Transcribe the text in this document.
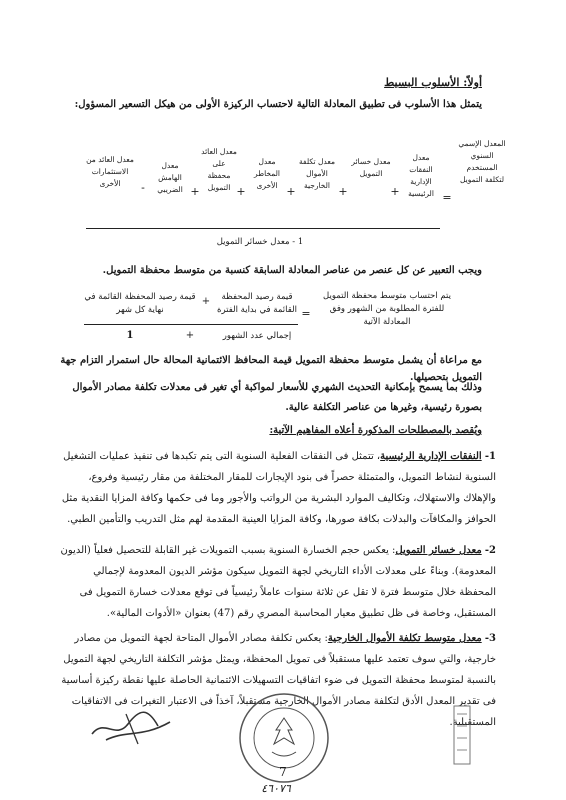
أولاً: الأسلوب البسيط
يتمثل هذا الأسلوب فى تطبيق المعادلة التالية لاحتساب الركيزة الأولى من هيكل التسعير المسؤول:
المعدل الإسمي السنوي المستخدم لتكلفة التمويل
=
معدل النفقات الإدارية الرئيسية
+
معدل خسائر التمويل
+
معدل تكلفة الأموال الخارجية
+
معدل المخاطر الأخرى
+
معدل العائد على محفظة التمويل
+
معدل الهامش الضريبي
-
معدل العائد من الاستثمارات الأخرى
1 - معدل خسائر التمويل
ويجب التعبير عن كل عنصر من عناصر المعادلة السابقة كنسبة من متوسط محفظة التمويل.
يتم احتساب متوسط محفظة التمويل للفترة المطلوبة من الشهور وفق المعادلة الآتية
=
قيمة رصيد المحفظة القائمة في بداية الفترة
+
قيمة رصيد المحفظة القائمة في نهاية كل شهر
إجمالي عدد الشهور
+
1
مع مراعاة أن يشمل متوسط محفظة التمويل قيمة المحافظ الائتمانية المحالة حال استمرار التزام جهة التمويل بتحصيلها.
وذلك بما يسمح بإمكانية التحديث الشهري للأسعار لمواكبة أي تغير فى معدلات تكلفة مصادر الأموال بصورة رئيسية، وغيرها من عناصر التكلفة عالية.
ويُقصد بالمصطلحات المذكورة أعلاه المفاهيم الآتية:
1- النفقات الإدارية الرئيسية، تتمثل فى النفقات الفعلية السنوية التى يتم تكبدها فى تنفيذ عمليات التشغيل السنوية لنشاط التمويل، والمتمثلة حصراً فى بنود الإيجارات للمقار المختلفة من مقار رئيسية وفروع، والإهلاك والاستهلاك، وتكاليف الموارد البشرية من الرواتب والأجور وما فى حكمها وكافة المزايا النقدية مثل الحوافز والمكافآت والبدلات بكافة صورها، وكافة المزايا العينية المقدمة لهم مثل التدريب والتأمين الطبي.
2- معدل خسائر التمويل: يعكس حجم الخسارة السنوية بسبب التمويلات غير القابلة للتحصيل فعلياً (الديون المعدومة). وبناءً على معدلات الأداء التاريخي لجهة التمويل سيكون مؤشر الديون المعدومة لإجمالي المحفظة خلال متوسط فترة لا تقل عن ثلاثة سنوات عاملاً رئيسياً فى توقع معدلات خسارة التمويل فى المستقبل، وخاصة فى ظل تطبيق معيار المحاسبة المصري رقم (47) بعنوان «الأدوات المالية».
3- معدل متوسط تكلفة الأموال الخارجية: يعكس تكلفة مصادر الأموال المتاحة لجهة التمويل من مصادر خارجية، والتي سوف تعتمد عليها مستقبلاً فى تمويل المحفظة، ويمثل مؤشر التكلفة التاريخي لجهة التمويل بالنسبة لمتوسط محفظة التمويل فى ضوء اتفاقيات التسهيلات الائتمانية الحاصلة عليها نقطة ركيزة أساسية فى تقدير المعدل الأدق لتكلفة مصادر الأموال الخارجية مستقبلاً، آخذاً فى الاعتبار التغيرات فى الاتفاقيات المستقبلية.
7
٤٦٠٧٦
